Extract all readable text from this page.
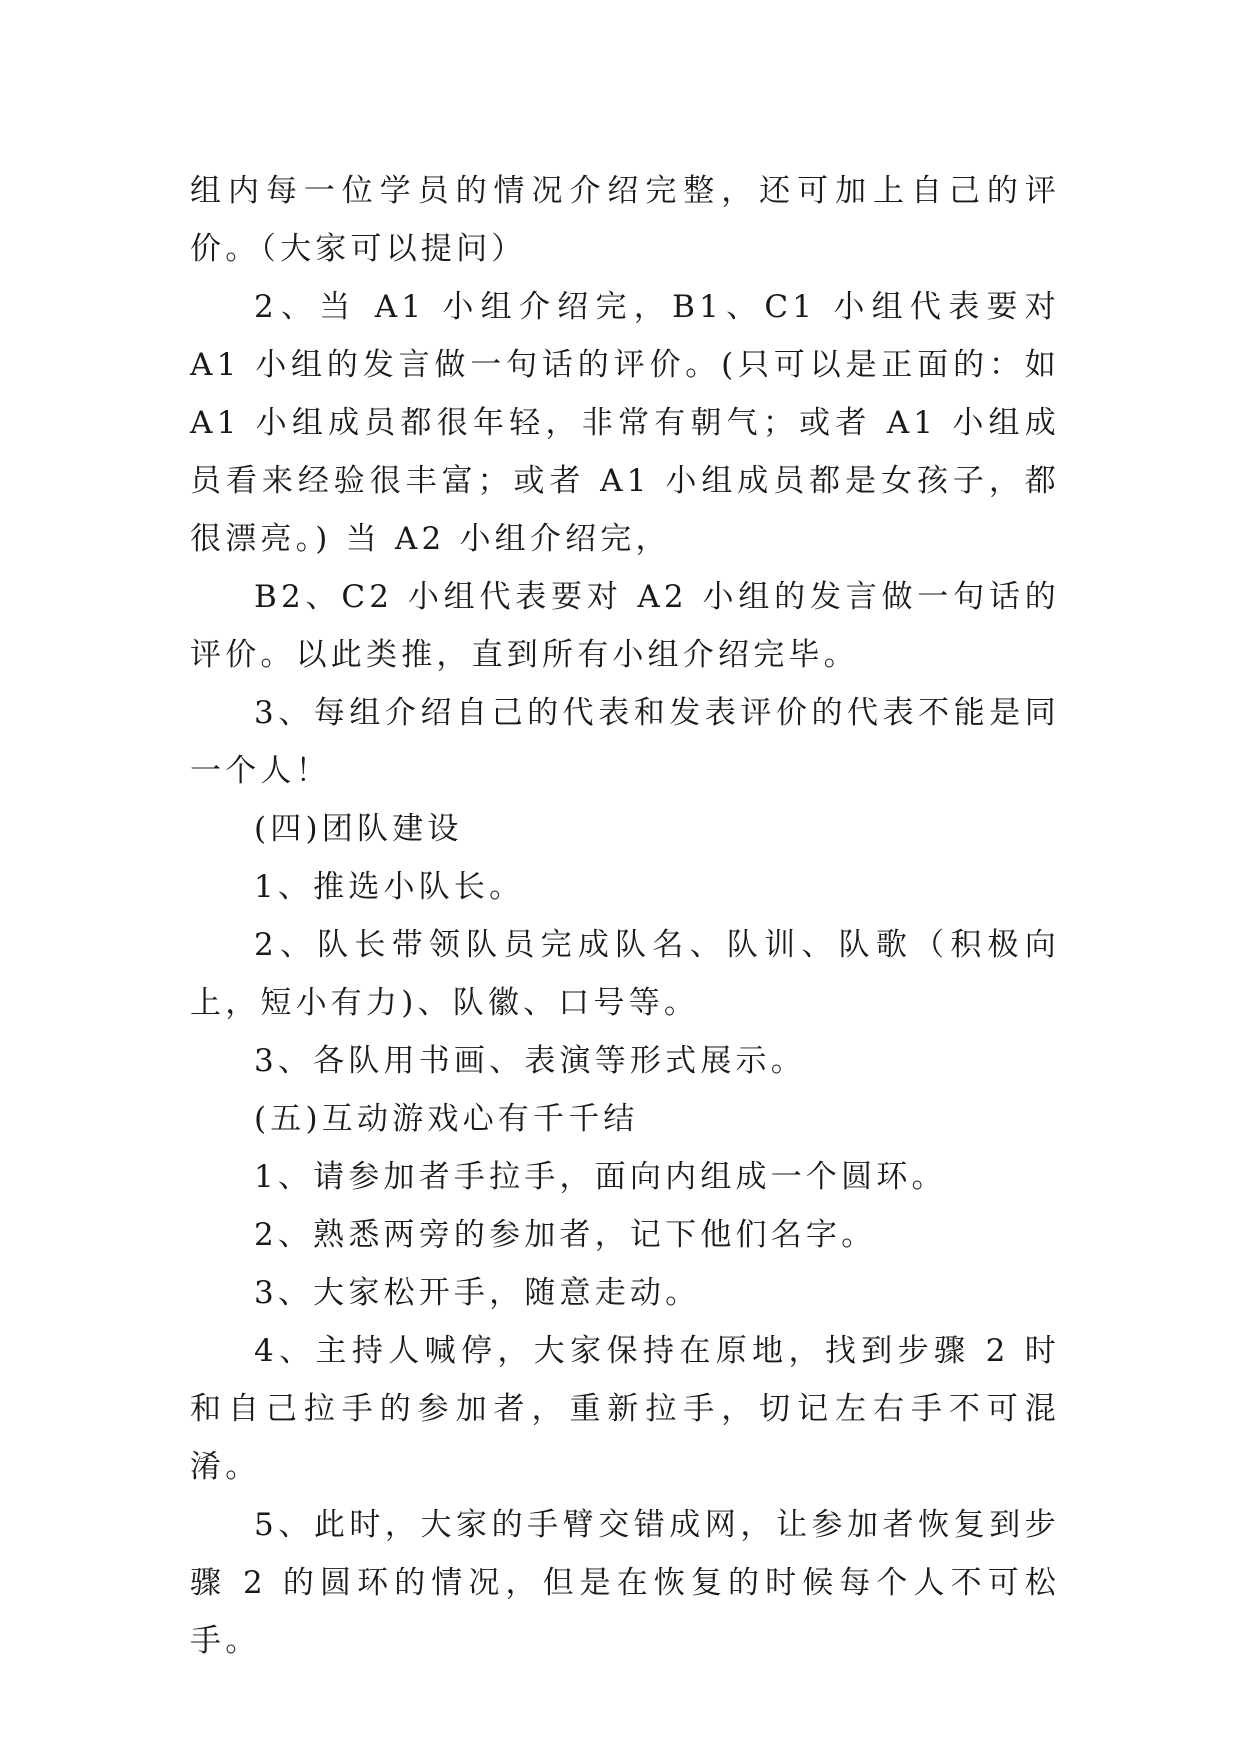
组内每一位学员的情况介绍完整，还可加上自己的评价。（大家可以提问）

2、当 A1 小组介绍完，B1、C1 小组代表要对 A1 小组的发言做一句话的评价。(只可以是正面的：如 A1 小组成员都很年轻，非常有朝气；或者 A1 小组成员看来经验很丰富；或者 A1 小组成员都是女孩子，都很漂亮。) 当 A2 小组介绍完，

B2、C2 小组代表要对 A2 小组的发言做一句话的评价。以此类推，直到所有小组介绍完毕。

3、每组介绍自己的代表和发表评价的代表不能是同一个人！

(四)团队建设

1、推选小队长。

2、队长带领队员完成队名、队训、队歌（积极向上，短小有力)、队徽、口号等。

3、各队用书画、表演等形式展示。

(五)互动游戏心有千千结

1、请参加者手拉手，面向内组成一个圆环。

2、熟悉两旁的参加者，记下他们名字。

3、大家松开手，随意走动。

4、主持人喊停，大家保持在原地，找到步骤 2 时和自己拉手的参加者，重新拉手，切记左右手不可混淆。

5、此时，大家的手臂交错成网，让参加者恢复到步骤 2 的圆环的情况，但是在恢复的时候每个人不可松手。
